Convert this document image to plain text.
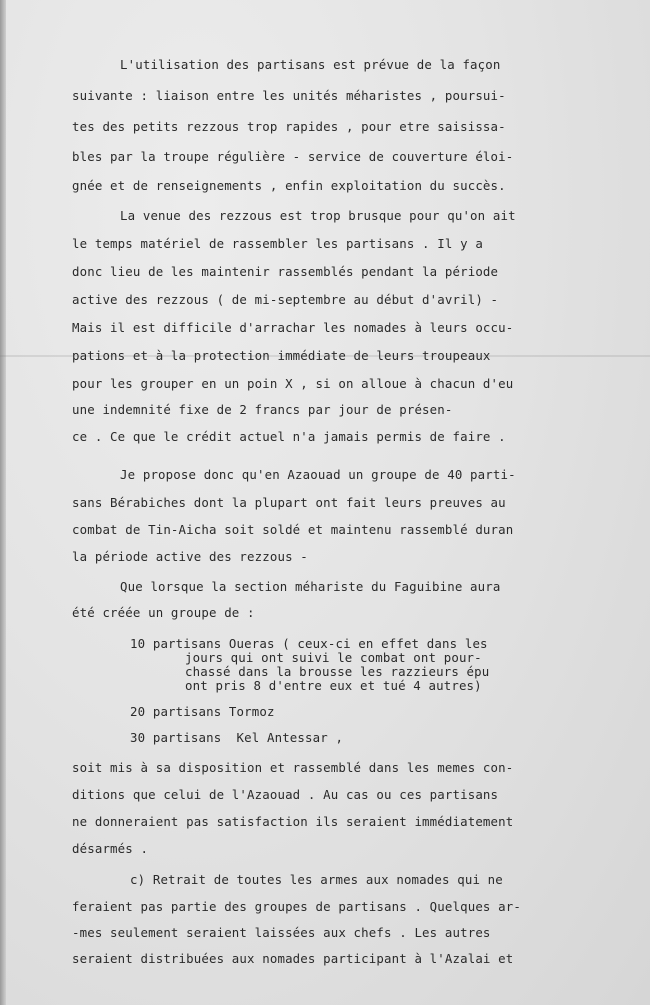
L'utilisation des partisans est prévue de la façon
suivante : liaison entre les unités méharistes , poursui-
tes des petits rezzous trop rapides , pour etre saisissa-
bles par la troupe régulière - service de couverture éloi-
gnée et de renseignements , enfin exploitation du succès.
La venue des rezzous est trop brusque pour qu'on ait
le temps matériel de rassembler les partisans . Il y a
donc lieu de les maintenir rassemblés pendant la période
active des rezzous ( de mi-septembre au début d'avril) -
Mais il est difficile d'arrachar les nomades à leurs occu-
pations et à la protection immédiate de leurs troupeaux
pour les grouper en un poin X , si on alloue à chacun d'eu
une indemnité fixe de 2 francs par jour de présen-
ce . Ce que le crédit actuel n'a jamais permis de faire .
Je propose donc qu'en Azaouad un groupe de 40 parti-
sans Bérabiches dont la plupart ont fait leurs preuves au
combat de Tin-Aicha soit soldé et maintenu rassemblé duran
la période active des rezzous -
Que lorsque la section méhariste du Faguibine aura
été créée un groupe de :
10 partisans Oueras ( ceux-ci en effet dans les
jours qui ont suivi le combat ont pour-
chassé dans la brousse les razzieurs épu
ont pris 8 d'entre eux et tué 4 autres)
20 partisans Tormoz
30 partisans  Kel Antessar ,
soit mis à sa disposition et rassemblé dans les memes con-
ditions que celui de l'Azaouad . Au cas ou ces partisans
ne donneraient pas satisfaction ils seraient immédiatement
désarmés .
c) Retrait de toutes les armes aux nomades qui ne
feraient pas partie des groupes de partisans . Quelques ar-
-mes seulement seraient laissées aux chefs . Les autres
seraient distribuées aux nomades participant à l'Azalai et
